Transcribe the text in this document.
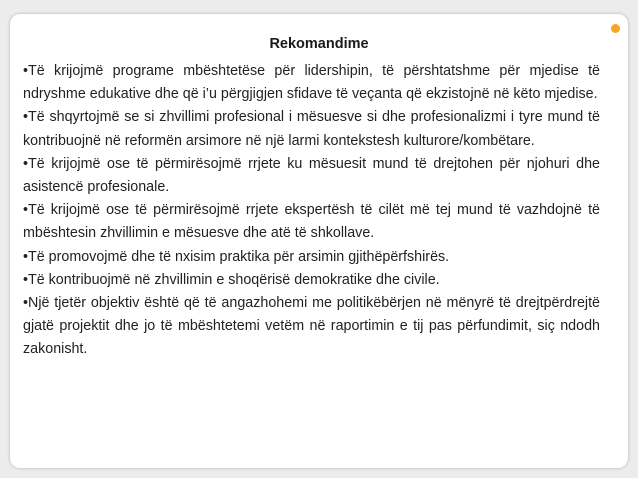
Rekomandime

•Të krijojmë programe mbështetëse për lidershipin, të përshtatshme për mjedise të ndryshme edukative dhe që i’u përgjigjen sfidave të veçanta që ekzistojnë në këto mjedise.

•Të shqyrtojmë se si zhvillimi profesional i mësuesve si dhe profesionalizmi i tyre mund të kontribuojnë në reformën arsimore në një larmi kontekstesh kulturore/kombëtare.

•Të krijojmë ose të përmirësojmë rrjete ku mësuesit mund të drejtohen për njohuri dhe asistencë profesionale.

•Të krijojmë ose të përmirësojmë rrjete ekspertësh të cilët më tej mund të vazhdojnë të mbështesin zhvillimin e mësuesve dhe atë të shkollave.

•Të promovojmë dhe të nxisim praktika për arsimin gjithëpërfshirës.

•Të kontribuojmë në zhvillimin e shoqërisë demokratike dhe civile.

•Një tjetër objektiv është që të angazhohemi me politikëbërjen në mënyrë të drejtpërdrejtë gjatë projektit dhe jo të mbështetemi vetëm në raportimin e tij pas përfundimit, siç ndodh zakonisht.
